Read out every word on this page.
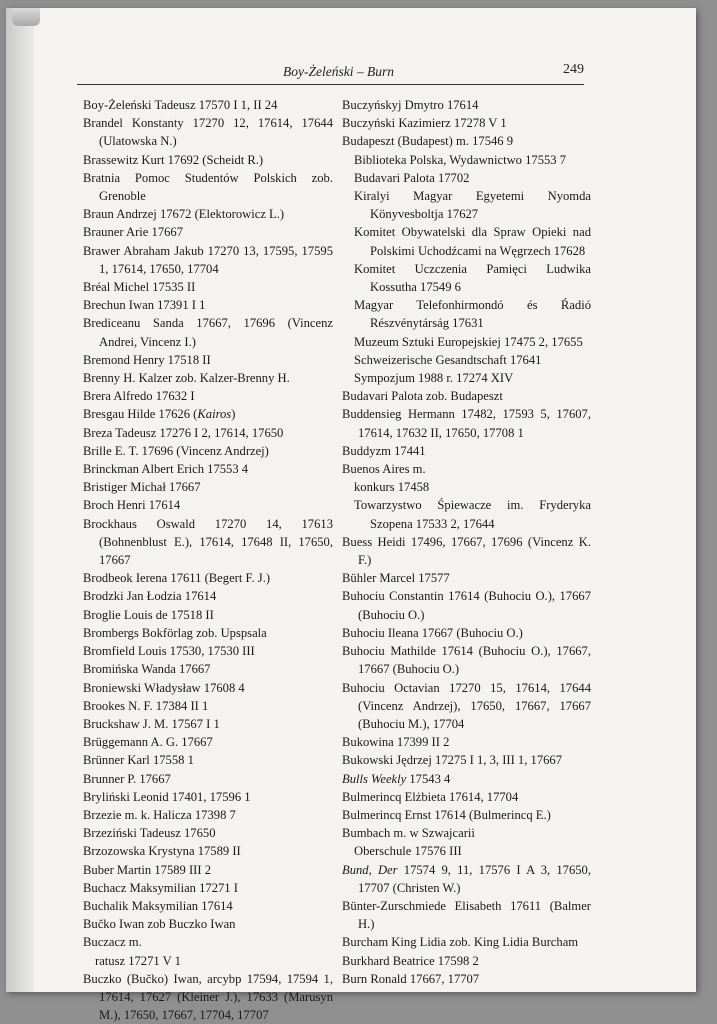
Boy-Żeleński – Burn	249

Boy-Żeleński Tadeusz 17570 I 1, II 24

Brandel Konstanty 17270 12, 17614, 17644 (Ulatowska N.)

Brassewitz Kurt 17692 (Scheidt R.)

Bratnia Pomoc Studentów Polskich zob. Grenoble

Braun Andrzej 17672 (Elektorowicz L.)

Brauner Arie 17667

Brawer Abraham Jakub 17270 13, 17595, 17595 1, 17614, 17650, 17704

Bréal Michel 17535 II

Brechun Iwan 17391 I 1

Brediceanu Sanda 17667, 17696 (Vincenz Andrei, Vincenz I.)

Bremond Henry 17518 II

Brenny H. Kalzer zob. Kalzer-Brenny H.

Brera Alfredo 17632 I

Bresgau Hilde 17626 (Kairos)

Breza Tadeusz 17276 I 2, 17614, 17650

Brille E. T. 17696 (Vincenz Andrzej)

Brinckman Albert Erich 17553 4

Bristiger Michał 17667

Broch Henri 17614

Brockhaus Oswald 17270 14, 17613 (Bohnenblust E.), 17614, 17648 II, 17650, 17667

Brodbeok Ierena 17611 (Begert F. J.)

Brodzki Jan Łodzia 17614

Broglie Louis de 17518 II

Brombergs Bokförlag zob. Upspsala

Bromfield Louis 17530, 17530 III

Bromińska Wanda 17667

Broniewski Władysław 17608 4

Brookes N. F. 17384 II 1

Bruckshaw J. M. 17567 I 1

Brüggemann A. G. 17667

Brünner Karl 17558 1

Brunner P. 17667

Bryliński Leonid 17401, 17596 1

Brzezie m. k. Halicza 17398 7

Brzeziński Tadeusz 17650

Brzozowska Krystyna 17589 II

Buber Martin 17589 III 2

Buchacz Maksymilian 17271 I

Buchalik Maksymilian 17614

Bučko Iwan zob Buczko Iwan

Buczacz m.

ratusz 17271 V 1

Buczko (Bučko) Iwan, arcybp 17594, 17594 1, 17614, 17627 (Kleiner J.), 17633 (Marusyn M.), 17650, 17667, 17704, 17707

Buczyńskyj Dmytro 17614

Buczyński Kazimierz 17278 V 1

Budapeszt (Budapest) m. 17546 9

Biblioteka Polska, Wydawnictwo 17553 7

Budavari Palota 17702

Kiralyi Magyar Egyetemi Nyomda Könyvesboltja 17627

Komitet Obywatelski dla Spraw Opieki nad Polskimi Uchodźcami na Węgrzech 17628

Komitet Uczczenia Pamięci Ludwika Kossutha 17549 6

Magyar Telefonhirmondó és Ŕadió Részvénytárság 17631

Muzeum Sztuki Europejskiej 17475 2, 17655

Schweizerische Gesandtschaft 17641

Sympozjum 1988 r. 17274 XIV

Budavari Palota zob. Budapeszt

Buddensieg Hermann 17482, 17593 5, 17607, 17614, 17632 II, 17650, 17708 1

Buddyzm 17441

Buenos Aires m.

konkurs 17458

Towarzystwo Śpiewacze im. Fryderyka Szopena 17533 2, 17644

Buess Heidi 17496, 17667, 17696 (Vincenz K. F.)

Bühler Marcel 17577

Buhociu Constantin 17614 (Buhociu O.), 17667 (Buhociu O.)

Buhociu Ileana 17667 (Buhociu O.)

Buhociu Mathilde 17614 (Buhociu O.), 17667, 17667 (Buhociu O.)

Buhociu Octavian 17270 15, 17614, 17644 (Vincenz Andrzej), 17650, 17667, 17667 (Buhociu M.), 17704

Bukowina 17399 II 2

Bukowski Jędrzej 17275 I 1, 3, III 1, 17667

Bulls Weekly 17543 4

Bulmerincq Elżbieta 17614, 17704

Bulmerincq Ernst 17614 (Bulmerincq E.)

Bumbach m. w Szwajcarii

Oberschule 17576 III

Bund, Der 17574 9, 11, 17576 I A 3, 17650, 17707 (Christen W.)

Bünter-Zurschmiede Elisabeth 17611 (Balmer H.)

Burcham King Lidia zob. King Lidia Burcham

Burkhard Beatrice 17598 2

Burn Ronald 17667, 17707
